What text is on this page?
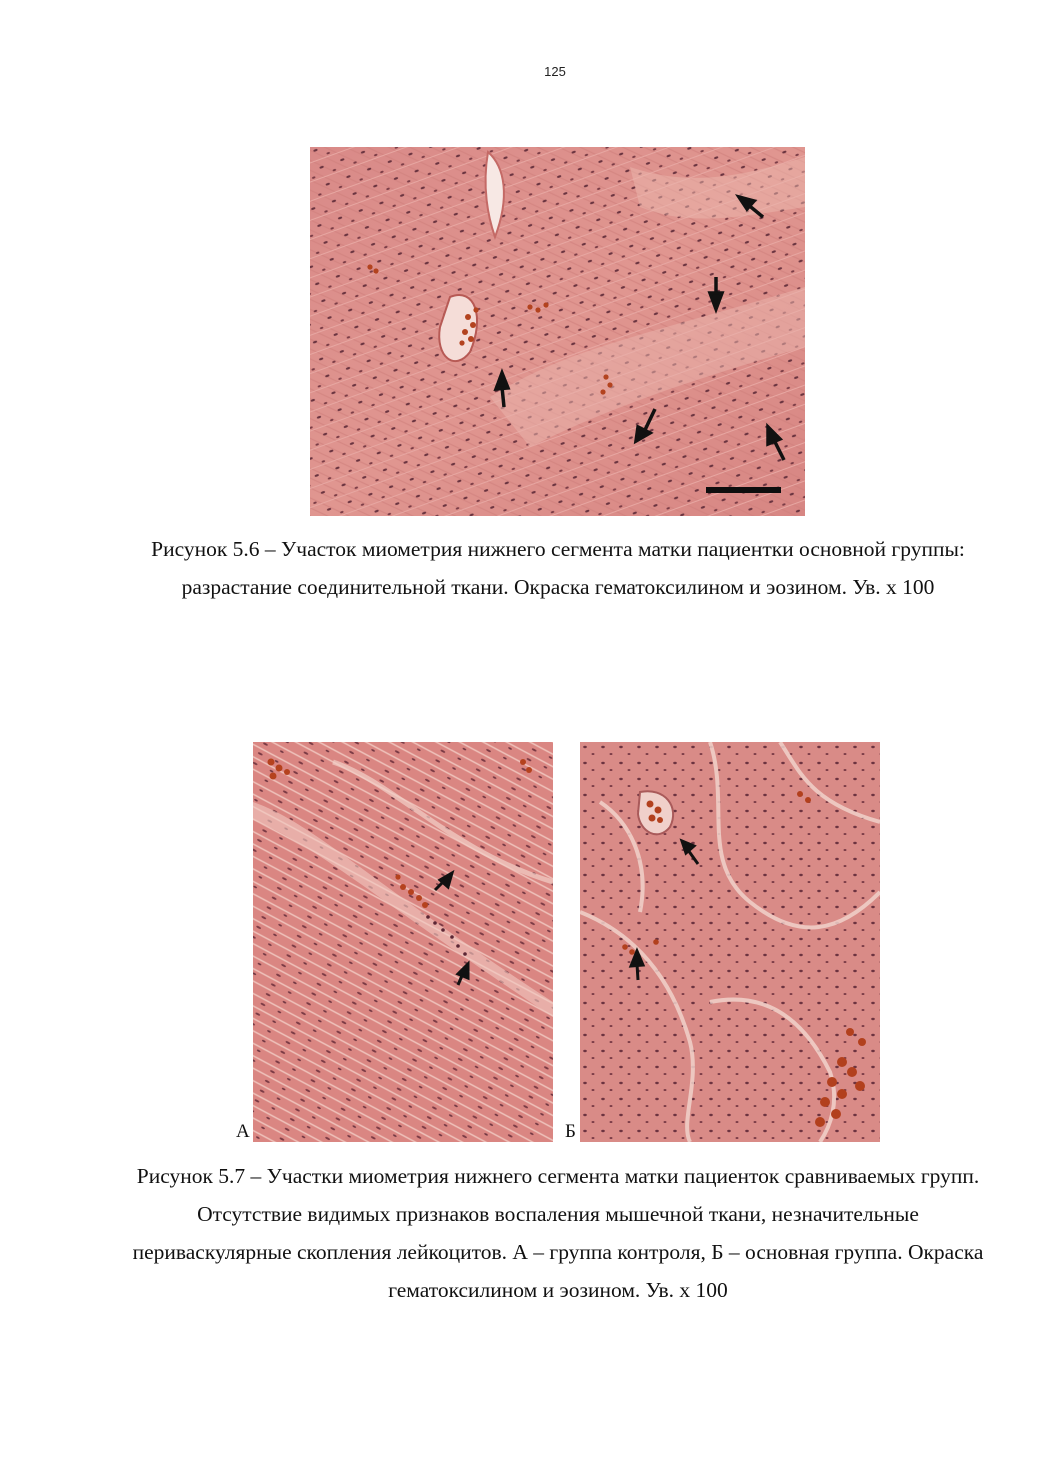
125
Рисунок 5.6 – Участок миометрия нижнего сегмента матки пациентки основной группы: разрастание соединительной ткани. Окраска гематоксилином и эозином. Ув. х 100
А	Б
Рисунок 5.7 – Участки миометрия нижнего сегмента матки пациенток сравниваемых групп. Отсутствие видимых признаков воспаления мышечной ткани, незначительные периваскулярные скопления лейкоцитов. А – группа контроля, Б – основная группа. Окраска гематоксилином и эозином. Ув. х 100
